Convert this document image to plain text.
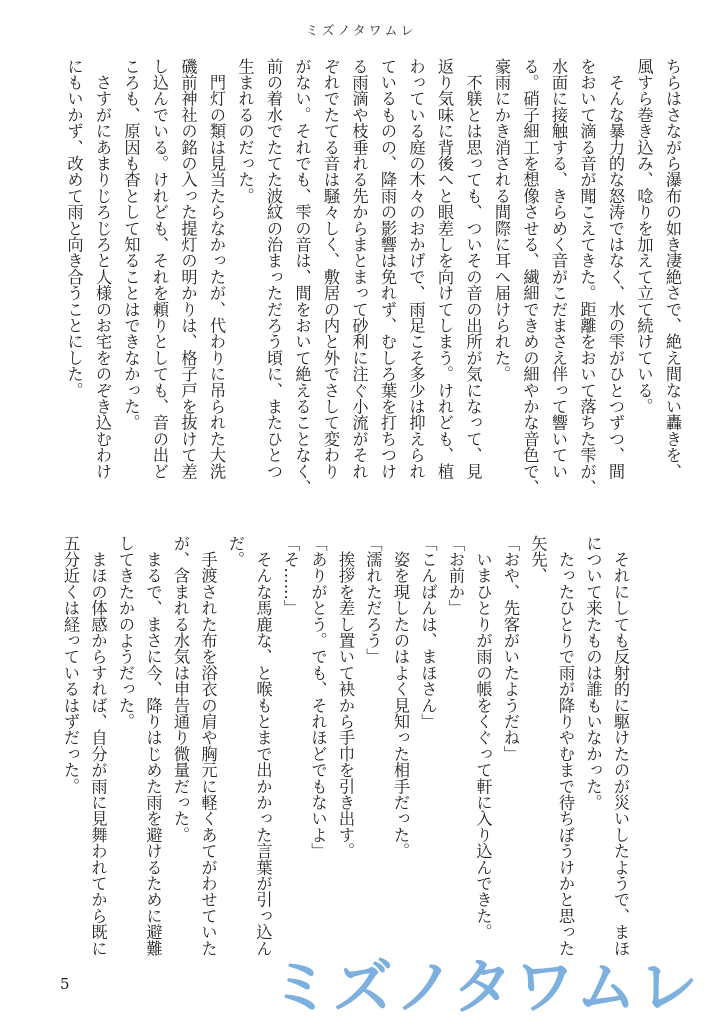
ミズノタワムレ

ちらはさながら瀑布の如き凄絶さで、絶え間ない轟きを、

風すら巻き込み、唸りを加えて立て続けている。

　そんな暴力的な怒涛ではなく、水の雫がひとつずつ、間

をおいて滴る音が聞こえてきた。距離をおいて落ちた雫が、

水面に接触する、きらめく音がこだまさえ伴って響いてい

る。硝子細工を想像させる、繊細できめの細やかな音色で、

豪雨にかき消される間際に耳へ届けられた。

　不躾とは思っても、ついその音の出所が気になって、見

返り気味に背後へと眼差しを向けてしまう。けれども、植

わっている庭の木々のおかげで、雨足こそ多少は抑えられ

ているものの、降雨の影響は免れず、むしろ葉を打ちつけ

る雨滴や枝垂れる先からまとまって砂利に注ぐ小流がそれ

ぞれでたてる音は騒々しく、敷居の内と外でさして変わり

がない。それでも、雫の音は、間をおいて絶えることなく、

前の着水でたてた波紋の治まっただろう頃に、またひとつ

生まれるのだった。

　門灯の類は見当たらなかったが、代わりに吊られた大洗

磯前神社の銘の入った提灯の明かりは、格子戸を抜けて差

し込んでいる。けれども、それを頼りとしても、音の出ど

ころも、原因も杳として知ることはできなかった。

　さすがにあまりじろじろと人様のお宅をのぞき込むわけ

にもいかず、改めて雨と向き合うことにした。

　それにしても反射的に駆けたのが災いしたようで、まほ

について来たものは誰もいなかった。

　たったひとりで雨が降りやむまで待ちぼうけかと思った

矢先、

「おや、先客がいたようだね」

　いまひとりが雨の帳をくぐって軒に入り込んできた。

「お前か」

「こんばんは、まほさん」

　姿を現したのはよく見知った相手だった。

「濡れただろう」

　挨拶を差し置いて袂から手巾を引き出す。

「ありがとう。でも、それほどでもないよ」

「そ……」

　そんな馬鹿な、と喉もとまで出かかった言葉が引っ込ん

だ。

　手渡された布を浴衣の肩や胸元に軽くあてがわせていた

が、含まれる水気は申告通り微量だった。

　まるで、まさに今、降りはじめた雨を避けるために避難

してきたかのようだった。

　まほの体感からすれば、自分が雨に見舞われてから既に

五分近くは経っているはずだった。

5	ミズノタワムレ
